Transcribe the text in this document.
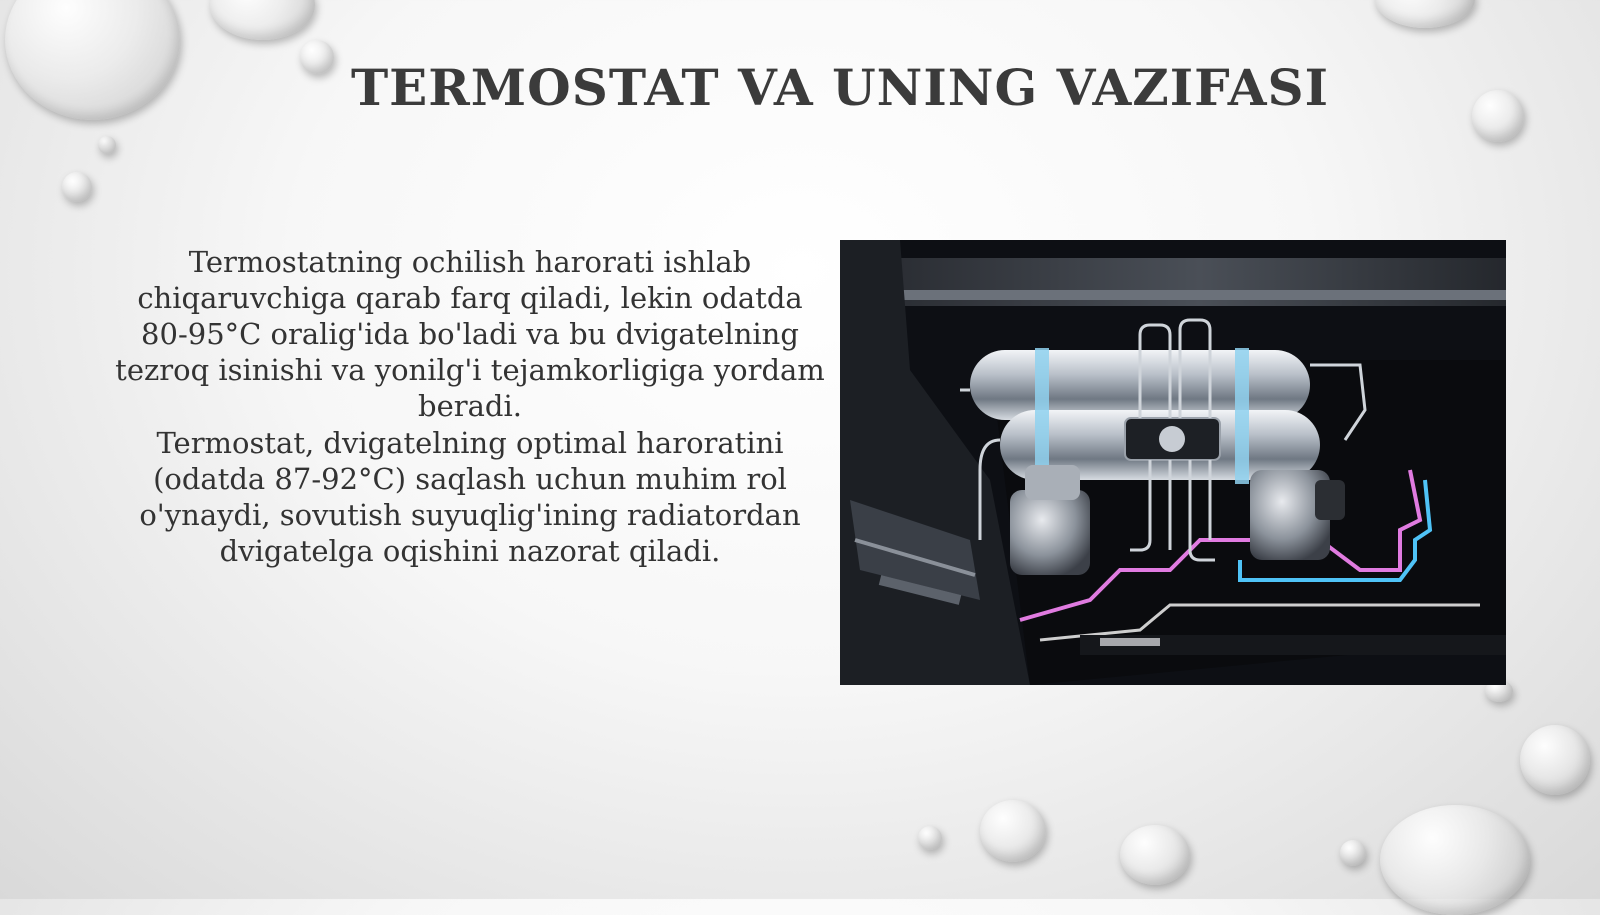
TERMOSTAT VA UNING VAZIFASI

Termostatning ochilish harorati ishlab chiqaruvchiga qarab farq qiladi, lekin odatda 80-95°C oralig'ida bo'ladi va bu dvigatelning tezroq isinishi va yonilg'i tejamkorligiga yordam beradi.

Termostat, dvigatelning optimal haroratini (odatda 87-92°C) saqlash uchun muhim rol o'ynaydi, sovutish suyuqlig'ining radiatordan dvigatelga oqishini nazorat qiladi.
